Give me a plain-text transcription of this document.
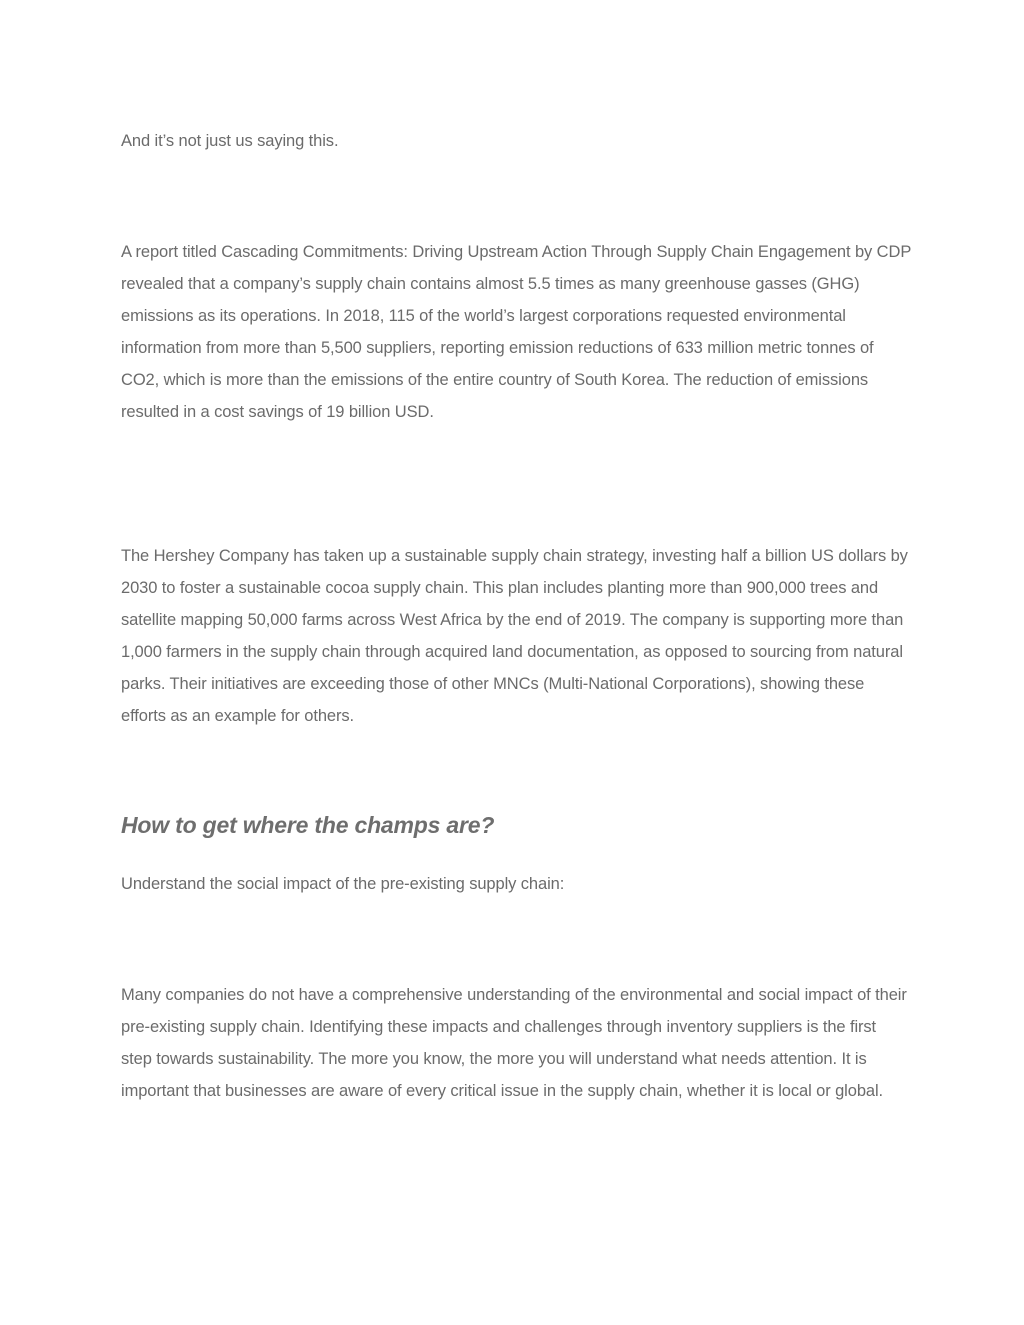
And it’s not just us saying this.

A report titled Cascading Commitments: Driving Upstream Action Through Supply Chain Engagement by CDP revealed that a company’s supply chain contains almost 5.5 times as many greenhouse gasses (GHG) emissions as its operations. In 2018, 115 of the world’s largest corporations requested environmental information from more than 5,500 suppliers, reporting emission reductions of 633 million metric tonnes of CO2, which is more than the emissions of the entire country of South Korea. The reduction of emissions resulted in a cost savings of 19 billion USD.

The Hershey Company has taken up a sustainable supply chain strategy, investing half a billion US dollars by 2030 to foster a sustainable cocoa supply chain. This plan includes planting more than 900,000 trees and satellite mapping 50,000 farms across West Africa by the end of 2019. The company is supporting more than 1,000 farmers in the supply chain through acquired land documentation, as opposed to sourcing from natural parks. Their initiatives are exceeding those of other MNCs (Multi-National Corporations), showing these efforts as an example for others.

How to get where the champs are?

Understand the social impact of the pre-existing supply chain:

Many companies do not have a comprehensive understanding of the environmental and social impact of their pre-existing supply chain. Identifying these impacts and challenges through inventory suppliers is the first step towards sustainability. The more you know, the more you will understand what needs attention. It is important that businesses are aware of every critical issue in the supply chain, whether it is local or global.
